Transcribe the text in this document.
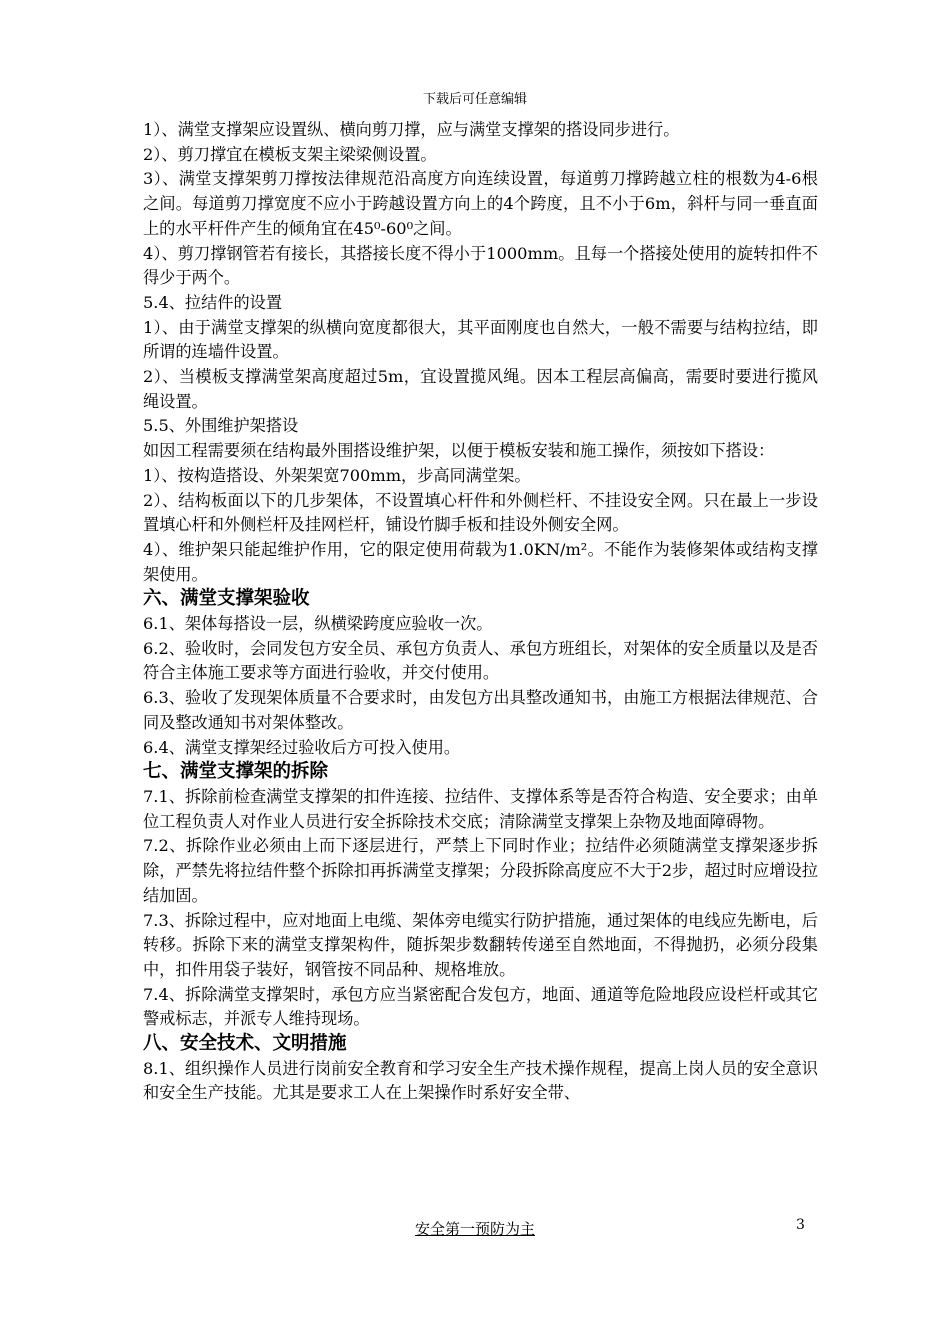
下载后可任意编辑

1）、满堂支撑架应设置纵、横向剪刀撑，应与满堂支撑架的搭设同步进行。

2）、剪刀撑宜在模板支架主梁梁侧设置。

3）、满堂支撑架剪刀撑按法律规范沿高度方向连续设置，每道剪刀撑跨越立柱的根数为4-6根之间。每道剪刀撑宽度不应小于跨越设置方向上的4个跨度，且不小于6m，斜杆与同一垂直面上的水平杆件产生的倾角宜在45⁰-60⁰之间。

4）、剪刀撑钢管若有接长，其搭接长度不得小于1000mm。且每一个搭接处使用的旋转扣件不得少于两个。

5.4、拉结件的设置

1）、由于满堂支撑架的纵横向宽度都很大，其平面刚度也自然大，一般不需要与结构拉结，即所谓的连墙件设置。

2）、当模板支撑满堂架高度超过5m，宜设置揽风绳。因本工程层高偏高，需要时要进行揽风绳设置。

5.5、外围维护架搭设

如因工程需要须在结构最外围搭设维护架，以便于模板安装和施工操作，须按如下搭设：

1）、按构造搭设、外架架宽700mm，步高同满堂架。

2）、结构板面以下的几步架体，不设置填心杆件和外侧栏杆、不挂设安全网。只在最上一步设置填心杆和外侧栏杆及挂网栏杆，铺设竹脚手板和挂设外侧安全网。

4）、维护架只能起维护作用，它的限定使用荷载为1.0KN/m²。不能作为装修架体或结构支撑架使用。

六、满堂支撑架验收

6.1、架体每搭设一层，纵横梁跨度应验收一次。

6.2、验收时，会同发包方安全员、承包方负责人、承包方班组长，对架体的安全质量以及是否符合主体施工要求等方面进行验收，并交付使用。

6.3、验收了发现架体质量不合要求时，由发包方出具整改通知书，由施工方根据法律规范、合同及整改通知书对架体整改。

6.4、满堂支撑架经过验收后方可投入使用。

七、满堂支撑架的拆除

7.1、拆除前检查满堂支撑架的扣件连接、拉结件、支撑体系等是否符合构造、安全要求；由单位工程负责人对作业人员进行安全拆除技术交底；清除满堂支撑架上杂物及地面障碍物。

7.2、拆除作业必须由上而下逐层进行，严禁上下同时作业；拉结件必须随满堂支撑架逐步拆除，严禁先将拉结件整个拆除扣再拆满堂支撑架；分段拆除高度应不大于2步，超过时应增设拉结加固。

7.3、拆除过程中，应对地面上电缆、架体旁电缆实行防护措施，通过架体的电线应先断电，后转移。拆除下来的满堂支撑架构件，随拆架步数翻转传递至自然地面，不得抛扔，必须分段集中，扣件用袋子装好，钢管按不同品种、规格堆放。

7.4、拆除满堂支撑架时，承包方应当紧密配合发包方，地面、通道等危险地段应设栏杆或其它警戒标志，并派专人维持现场。

八、安全技术、文明措施

8.1、组织操作人员进行岗前安全教育和学习安全生产技术操作规程，提高上岗人员的安全意识和安全生产技能。尤其是要求工人在上架操作时系好安全带、

安全第一预防为主	3
